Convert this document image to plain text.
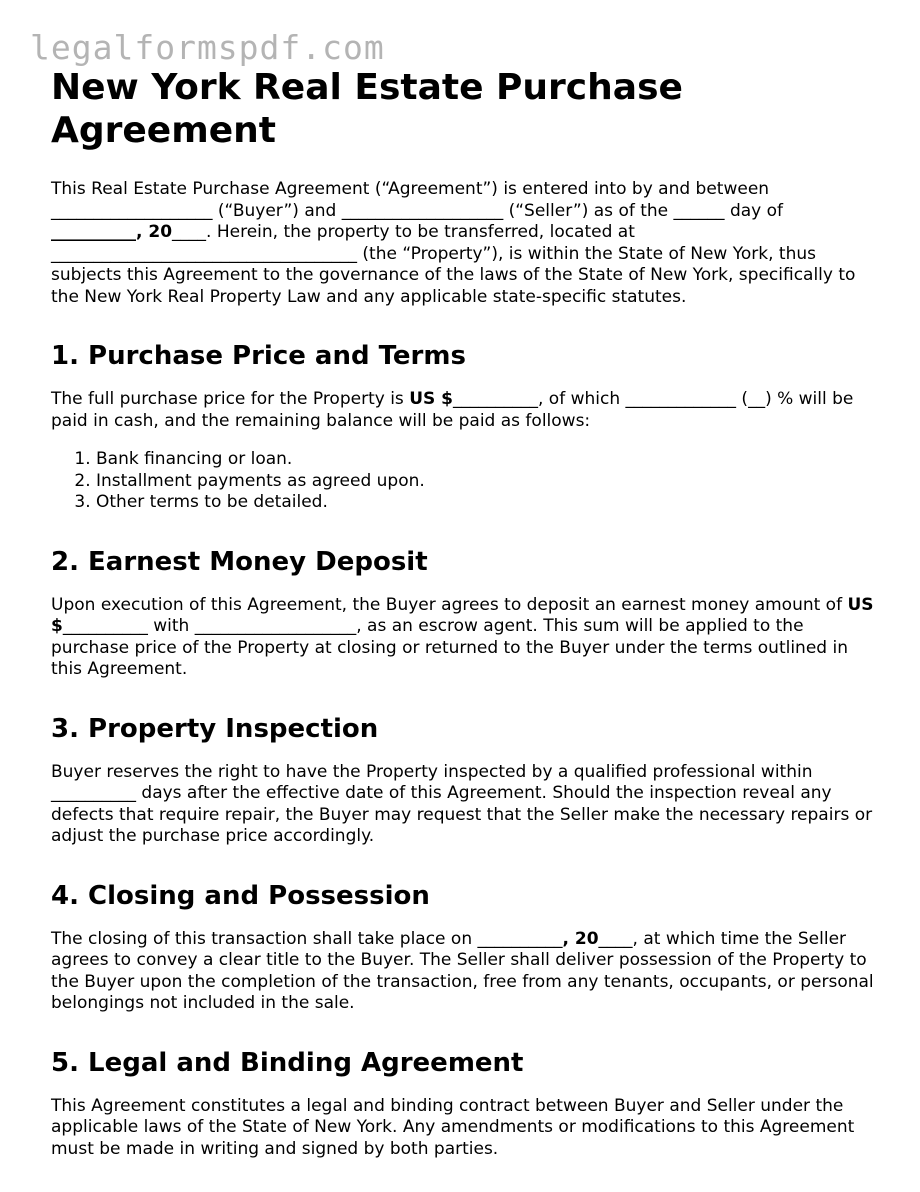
legalformspdf.com
New York Real Estate Purchase Agreement

This Real Estate Purchase Agreement (“Agreement”) is entered into by and between
___________________ (“Buyer”) and ___________________ (“Seller”) as of the ______ day of
__________, 20____. Herein, the property to be transferred, located at
____________________________________ (the “Property”), is within the State of New York, thus subjects this Agreement to the governance of the laws of the State of New York, specifically to the New York Real Property Law and any applicable state-specific statutes.

1. Purchase Price and Terms

The full purchase price for the Property is US $__________, of which _____________ (__) % will be paid in cash, and the remaining balance will be paid as follows:

1. Bank financing or loan.
2. Installment payments as agreed upon.
3. Other terms to be detailed.
2. Earnest Money Deposit

Upon execution of this Agreement, the Buyer agrees to deposit an earnest money amount of US $__________ with ___________________, as an escrow agent. This sum will be applied to the purchase price of the Property at closing or returned to the Buyer under the terms outlined in this Agreement.

3. Property Inspection

Buyer reserves the right to have the Property inspected by a qualified professional within
__________ days after the effective date of this Agreement. Should the inspection reveal any defects that require repair, the Buyer may request that the Seller make the necessary repairs or adjust the purchase price accordingly.

4. Closing and Possession

The closing of this transaction shall take place on __________, 20____, at which time the Seller agrees to convey a clear title to the Buyer. The Seller shall deliver possession of the Property to the Buyer upon the completion of the transaction, free from any tenants, occupants, or personal belongings not included in the sale.

5. Legal and Binding Agreement

This Agreement constitutes a legal and binding contract between Buyer and Seller under the applicable laws of the State of New York. Any amendments or modifications to this Agreement must be made in writing and signed by both parties.
